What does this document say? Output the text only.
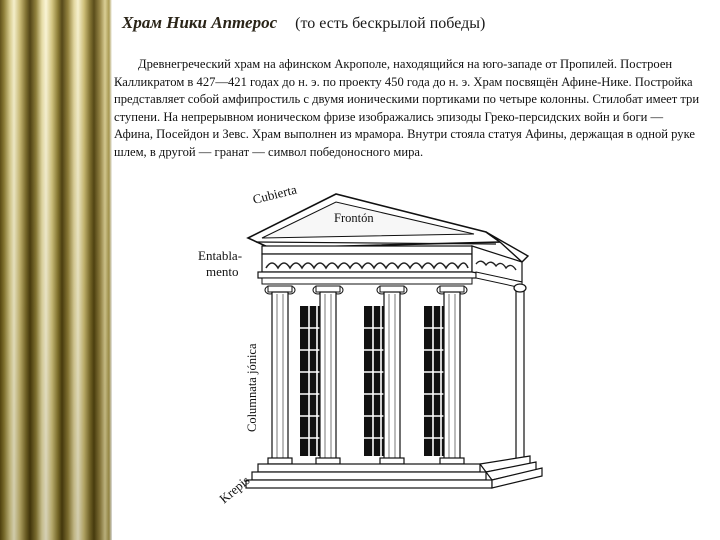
Храм Ники Аптерос (то есть бескрылой победы)

Древнегреческий храм на афинском Акрополе, находящийся на юго-западе от Пропилей. Построен Калликратом в 427—421 годах до н. э. по проекту 450 года до н. э. Храм посвящён Афине-Нике. Постройка представляет собой амфипростиль с двумя ионическими портиками по четыре колонны. Стилобат имеет три ступени. На непрерывном ионическом фризе изображались эпизоды Греко-персидских войн и боги — Афина, Посейдон и Зевс. Храм выполнен из мрамора. Внутри стояла статуя Афины, держащая в одной руке шлем, в другой — гранат — символ победоносного мира.

Cubierta
Frontón
Entabla-
mento
Columnata jónica
Krepis
